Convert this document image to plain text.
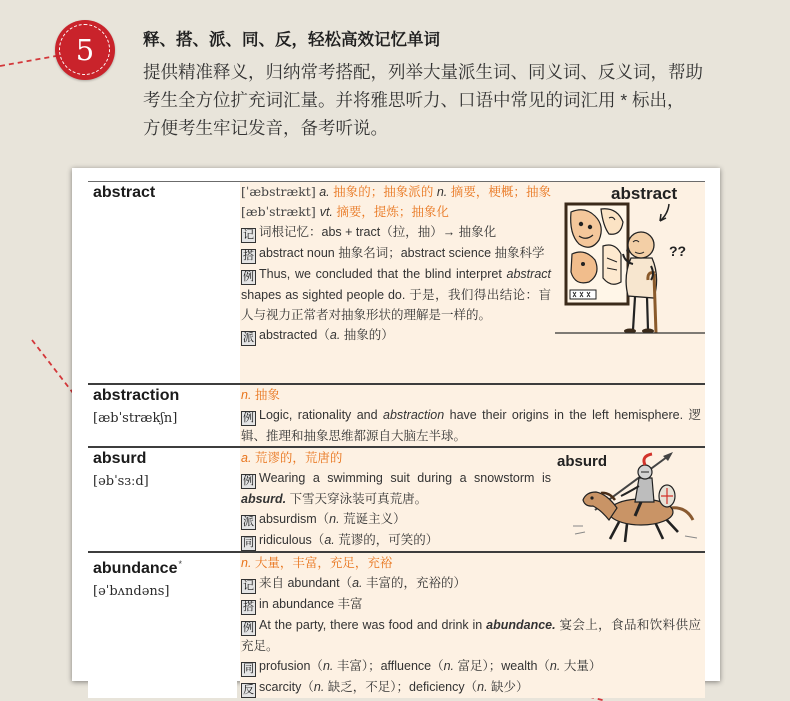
5	释、搭、派、同、反，轻松高效记忆单词
提供精准释义，归纳常考搭配，列举大量派生词、同义词、反义词，帮助
考生全方位扩充词汇量。并将雅思听力、口语中常见的词汇用 * 标出，
方便考生牢记发音，备考听说。
abstract	abstract
??
[ˈæbstrækt] a. 抽象的；抽象派的 n. 摘要，梗概；抽象 [æbˈstrækt] vt. 摘要，提炼；抽象化
记 词根记忆：abs + tract（拉，抽）→ 抽象化
搭 abstract noun 抽象名词；abstract science 抽象科学
例 Thus, we concluded that the blind interpret abstract shapes as sighted people do. 于是，我们得出结论：盲人与视力正常者对抽象形状的理解是一样的。
派 abstracted（a. 抽象的）
abstraction
[æbˈstrækʃn]
n. 抽象
例 Logic, rationality and abstraction have their origins in the left hemisphere. 逻辑、推理和抽象思维都源自大脑左半球。
absurd
[əbˈsɜːd]
absurd
a. 荒谬的，荒唐的
例 Wearing a swimming suit during a snowstorm is absurd. 下雪天穿泳装可真荒唐。
派 absurdism（n. 荒诞主义）
同 ridiculous（a. 荒谬的，可笑的）
abundance*
[əˈbʌndəns]
n. 大量，丰富，充足，充裕
记 来自 abundant（a. 丰富的，充裕的）
搭 in abundance 丰富
例 At the party, there was food and drink in abundance. 宴会上，食品和饮料供应充足。
同 profusion（n. 丰富）；affluence（n. 富足）；wealth（n. 大量）
反 scarcity（n. 缺乏，不足）；deficiency（n. 缺少）
